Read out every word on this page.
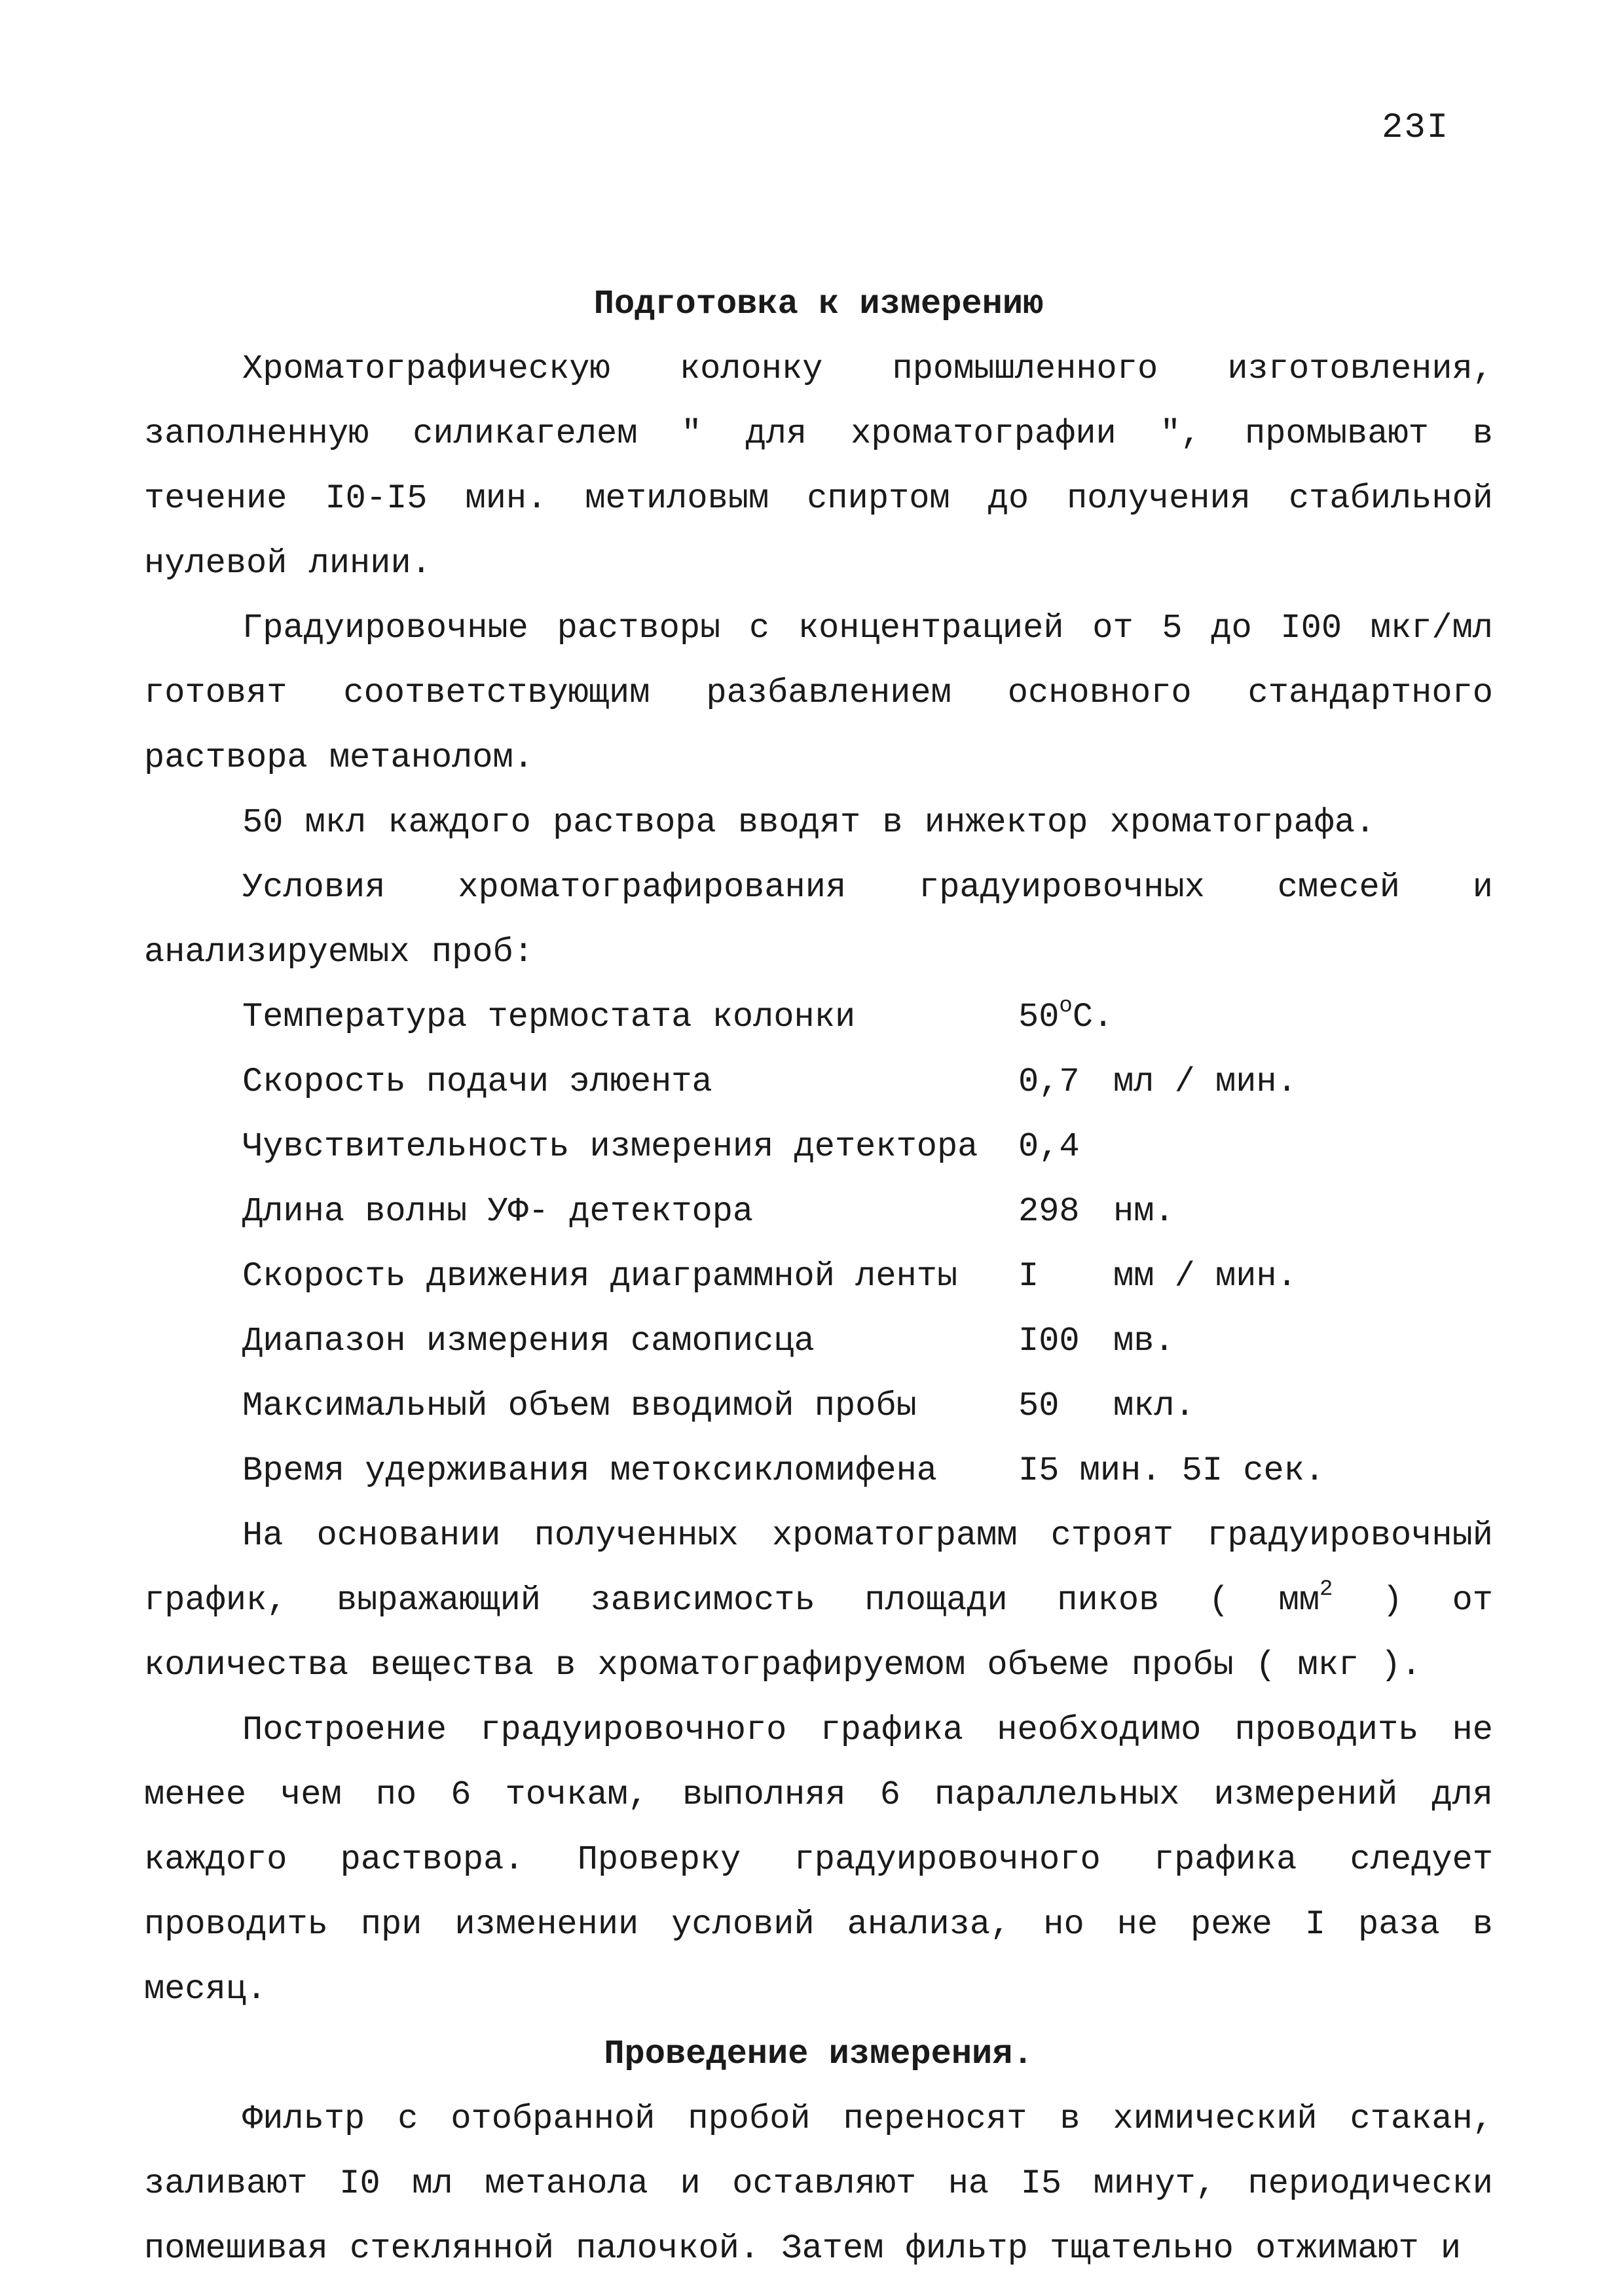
23I
Подготовка к измерению

Хроматографическую колонку промышленного изготовления, заполненную силикагелем " для хроматографии ", промывают в течение I0-I5 мин. метиловым спиртом до получения стабильной нулевой линии.

Градуировочные растворы с концентрацией от 5 до I00 мкг/мл готовят соответствующим разбавлением основного стандартного раствора метанолом.

50 мкл каждого раствора вводят в инжектор хроматографа.

Условия хроматографирования градуировочных смесей и анализируемых проб:

Температура термостата колонки	$50^оС$.
Скорость подачи элюента	0,7 мл / мин.
Чувствительность измерения детектора	0,4
Длина волны УФ- детектора	298 нм.
Скорость движения диаграммной ленты	I	мм / мин.
Диапазон измерения самописца	I00 мв.
Максимальный объем вводимой пробы	50	мкл.
Время удерживания метоксикломифена	I5 мин. 5I сек.

На основании полученных хроматограмм строят градуировочный график, выражающий зависимость площади пиков ( $мм^2$ ) от количества вещества в хроматографируемом объеме пробы ( мкг ).

Построение градуировочного графика необходимо проводить не менее чем по 6 точкам, выполняя 6 параллельных измерений для каждого раствора. Проверку градуировочного графика следует проводить при изменении условий анализа, но не реже I раза в месяц.

Проведение измерения.

Фильтр с отобранной пробой переносят в химический стакан, заливают I0 мл метанола и оставляют на I5 минут, периодически помешивая стеклянной палочкой. Затем фильтр тщательно отжимают и
